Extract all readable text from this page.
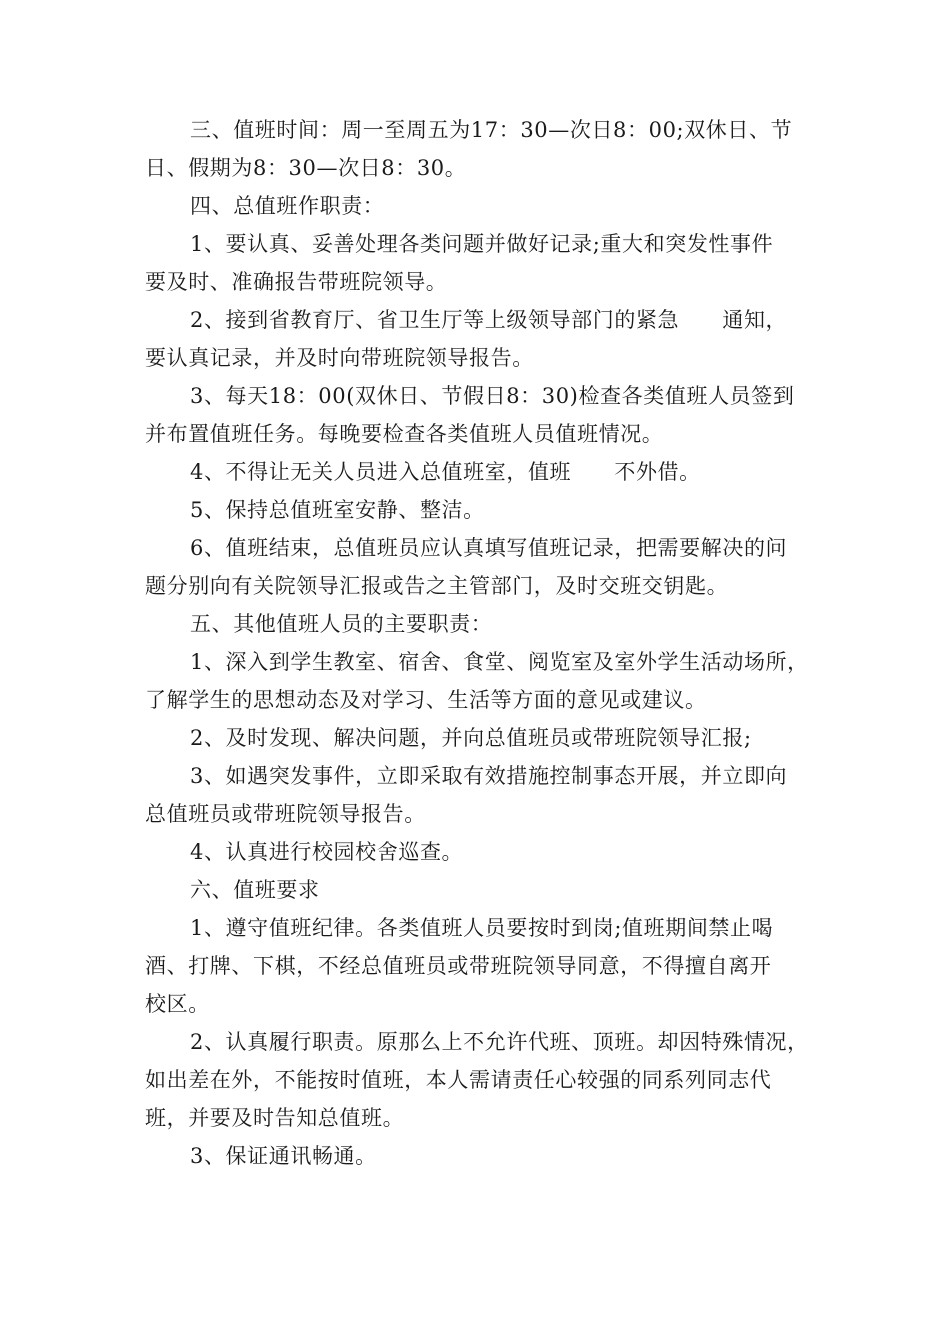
三、值班时间：周一至周五为17：30—次日8：00;双休日、节
日、假期为8：30—次日8：30。
四、总值班作职责：
1、要认真、妥善处理各类问题并做好记录;重大和突发性事件
要及时、准确报告带班院领导。
2、接到省教育厅、省卫生厅等上级领导部门的紧急　　通知，
要认真记录，并及时向带班院领导报告。
3、每天18：00(双休日、节假日8：30)检查各类值班人员签到
并布置值班任务。每晚要检查各类值班人员值班情况。
4、不得让无关人员进入总值班室，值班　　不外借。
5、保持总值班室安静、整洁。
6、值班结束，总值班员应认真填写值班记录，把需要解决的问
题分别向有关院领导汇报或告之主管部门，及时交班交钥匙。
五、其他值班人员的主要职责：
1、深入到学生教室、宿舍、食堂、阅览室及室外学生活动场所，
了解学生的思想动态及对学习、生活等方面的意见或建议。
2、及时发现、解决问题，并向总值班员或带班院领导汇报;
3、如遇突发事件，立即采取有效措施控制事态开展，并立即向
总值班员或带班院领导报告。
4、认真进行校园校舍巡查。
六、值班要求
1、遵守值班纪律。各类值班人员要按时到岗;值班期间禁止喝
酒、打牌、下棋，不经总值班员或带班院领导同意，不得擅自离开
校区。
2、认真履行职责。原那么上不允许代班、顶班。却因特殊情况，
如出差在外，不能按时值班，本人需请责任心较强的同系列同志代
班，并要及时告知总值班。
3、保证通讯畅通。
